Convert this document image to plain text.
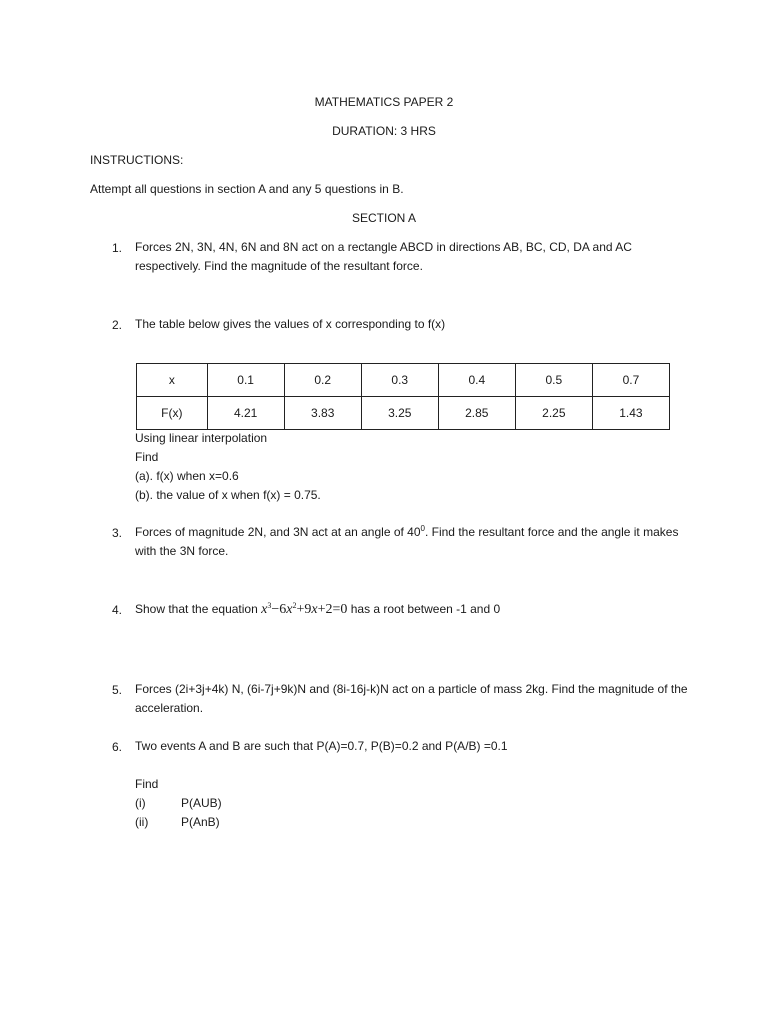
MATHEMATICS PAPER 2
DURATION: 3 HRS
INSTRUCTIONS:
Attempt all questions in section A and any 5 questions in B.
SECTION A
1.	Forces 2N, 3N, 4N, 6N and 8N act on a rectangle ABCD in directions AB, BC, CD, DA and AC respectively. Find the magnitude of the resultant force.
2.	The table below gives the values of x corresponding to f(x)
x	0.1	0.2	0.3	0.4	0.5	0.7
F(x)	4.21	3.83	3.25	2.85	2.25	1.43
Using linear interpolation
Find
(a). f(x) when x=0.6
(b). the value of x when f(x) = 0.75.
3.	Forces of magnitude 2N, and 3N act at an angle of $40^0$. Find the resultant force and the angle it makes with the 3N force.
4.	Show that the equation $x^3-6x^2+9x+2=0$ has a root between -1 and 0
5.	Forces (2i+3j+4k) N, (6i-7j+9k)N and (8i-16j-k)N act on a particle of mass 2kg. Find the magnitude of the acceleration.
6.	Two events A and B are such that P(A)=0.7, P(B)=0.2 and P(A/B) =0.1
Find
(i)	P(AUB)
(ii)	P(AnB)
